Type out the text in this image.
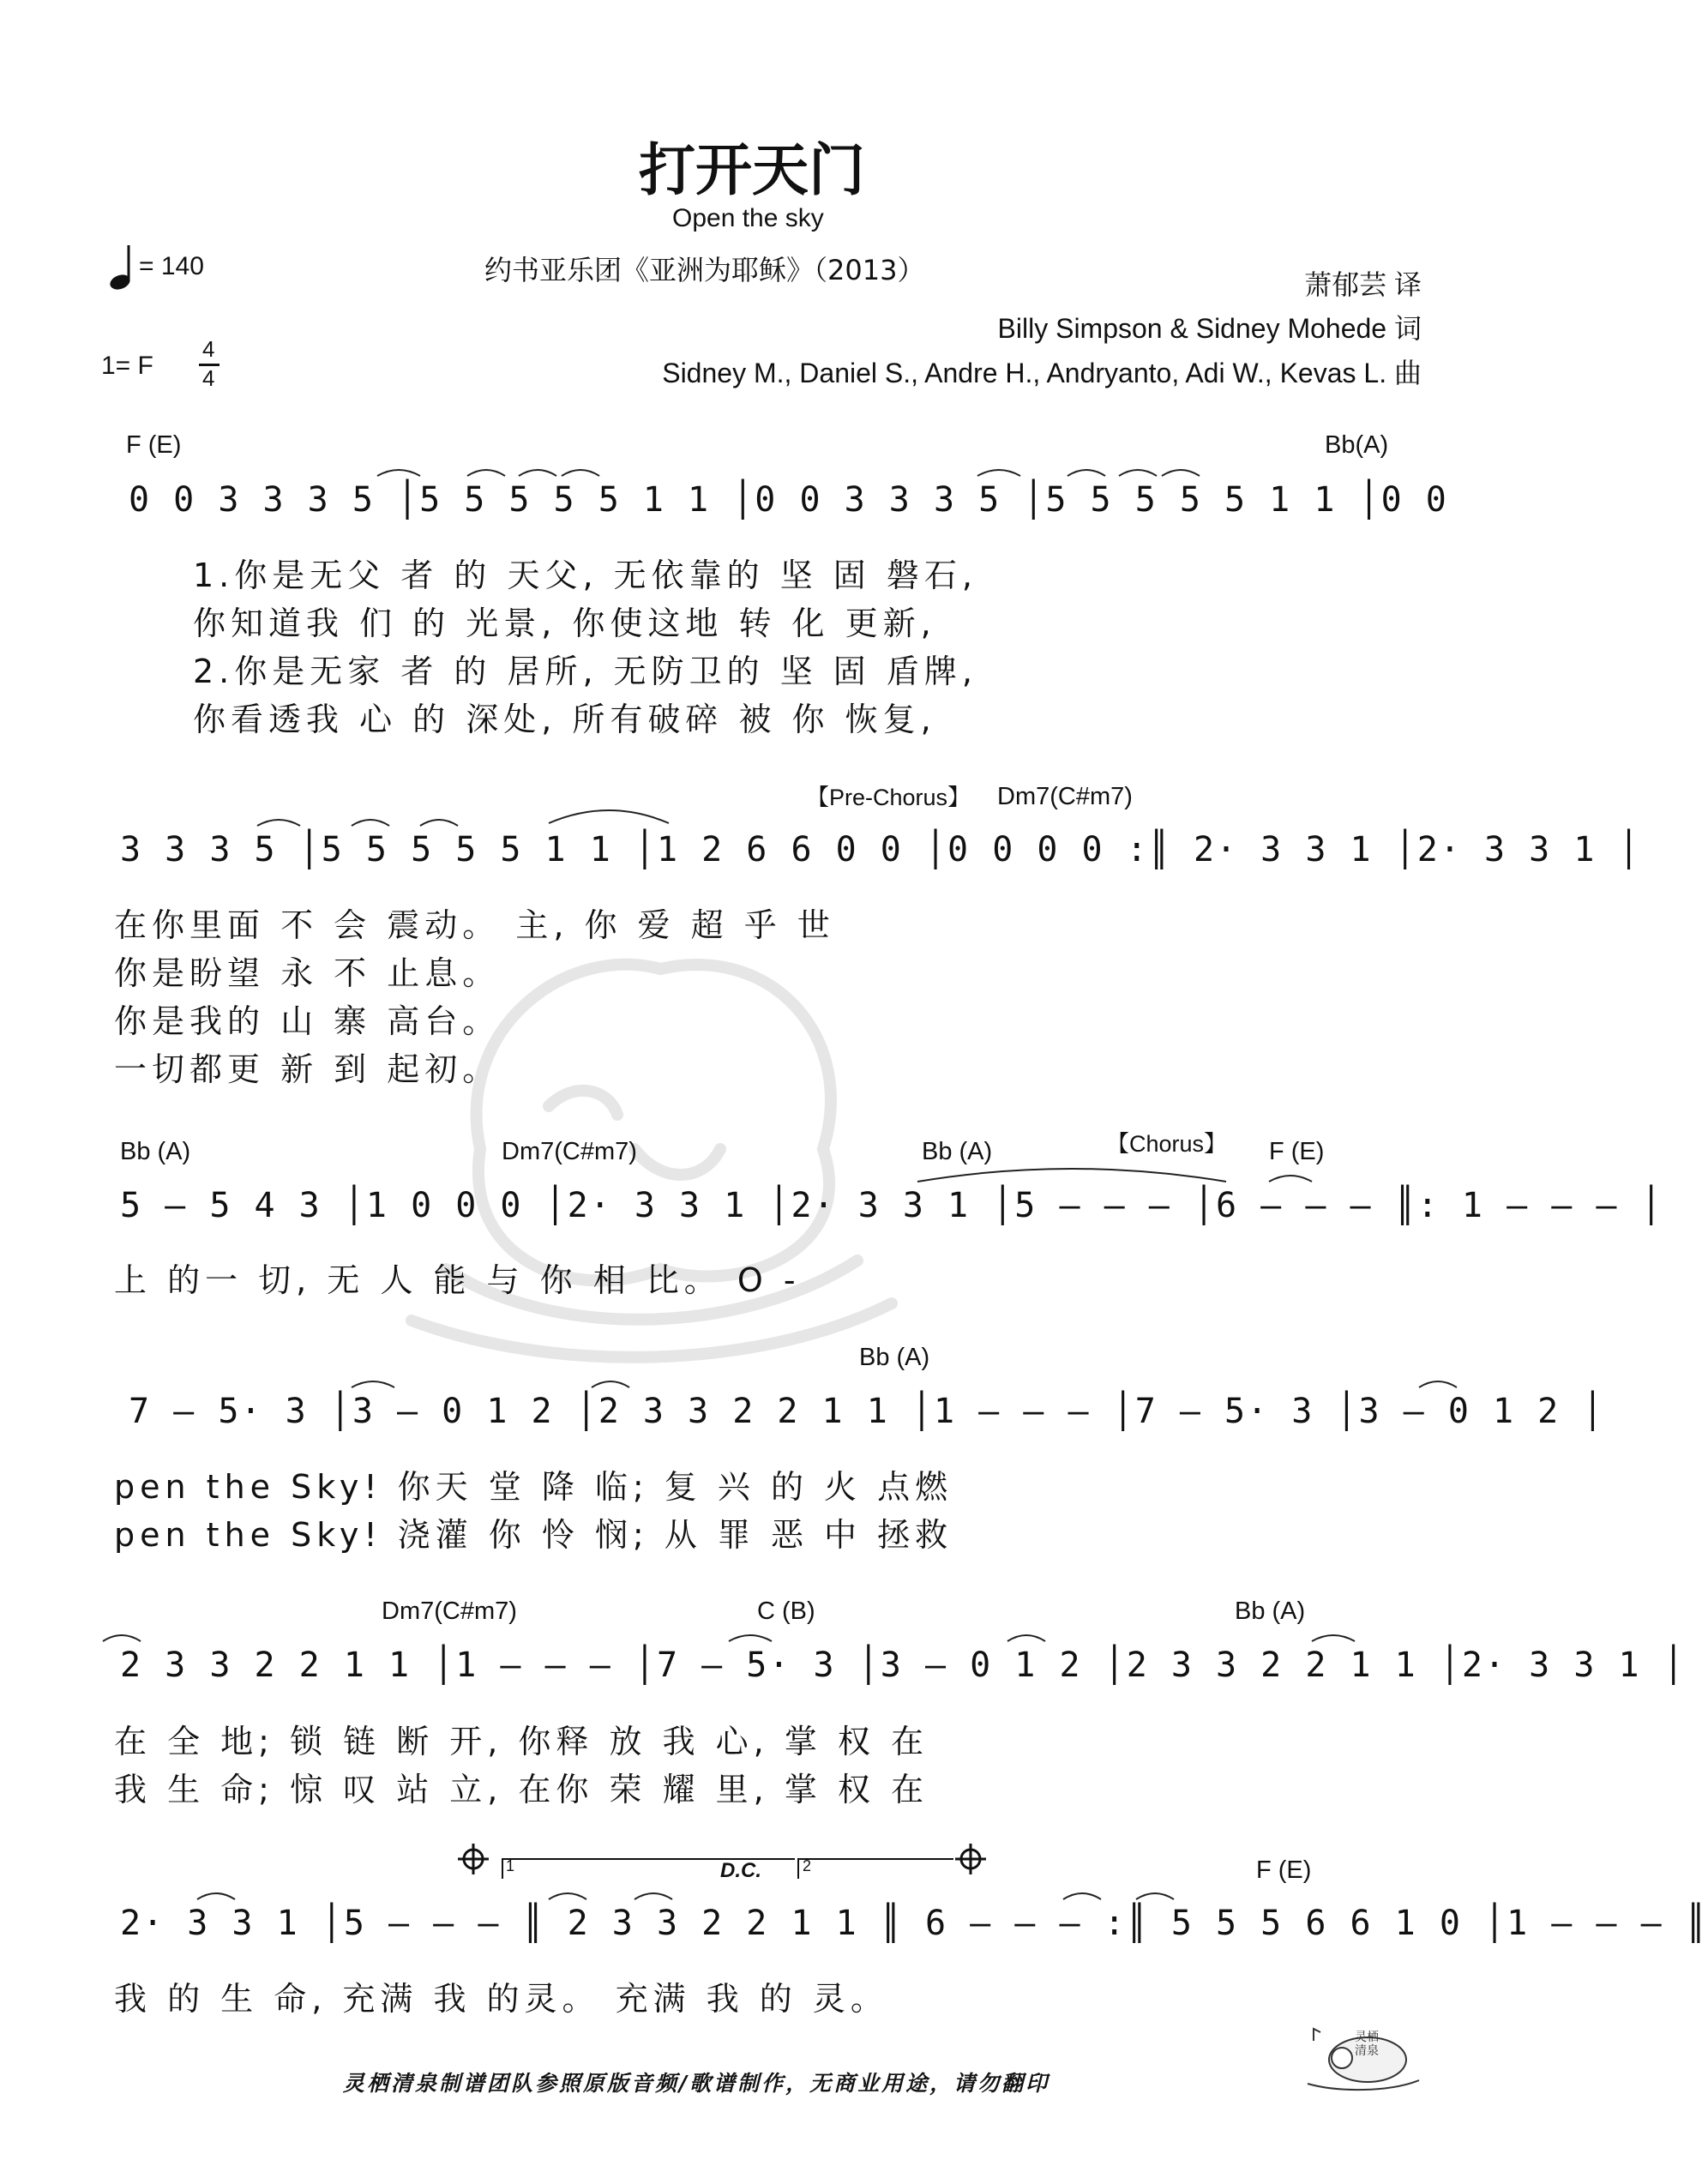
打开天门
Open the sky
约书亚乐团《亚洲为耶稣》（2013）
= 140
1= F
4
4
萧郁芸 译
Billy Simpson & Sidney Mohede 词
Sidney M., Daniel S., Andre H., Andryanto, Adi W., Kevas L. 曲
F (E)	Bb(A)
0 0 3 3 3 5 │5 5 5 5 5 1 1 │0 0 3 3 3 5 │5 5 5 5 5 1 1 │0 0
1.你是无父 者 的 天父, 无依靠的 坚 固 磐石,
你知道我 们 的 光景, 你使这地 转 化 更新,
2.你是无家 者 的 居所, 无防卫的 坚 固 盾牌,
你看透我 心 的 深处, 所有破碎 被 你 恢复,
【Pre-Chorus】 Dm7(C#m7)
3 3 3 5 │5 5 5 5 5 1 1 │1 2 6 6 0 0 │0 0 0 0 :║ 2· 3 3 1 │2· 3 3 1 │
在你里面 不 会 震动。 主, 你 爱 超 乎 世
你是盼望 永 不 止息。
你是我的 山 寨 高台。
一切都更 新 到 起初。
Bb (A)	Dm7(C#m7)	Bb (A)	【Chorus】 F (E)
5 — 5 4 3 │1 0 0 0 │2· 3 3 1 │2· 3 3 1 │5 — — — │6 — — — ║: 1 — — — │
上 的一 切, 无 人 能 与 你 相 比。 O -
Bb (A)
7 — 5· 3 │3 — 0 1 2 │2 3 3 2 2 1 1 │1 — — — │7 — 5· 3 │3 — 0 1 2 │
pen the Sky! 你天 堂 降 临; 复 兴 的 火 点燃
pen the Sky! 浇灌 你 怜 悯; 从 罪 恶 中 拯救
Dm7(C#m7)	C (B)	Bb (A)
2 3 3 2 2 1 1 │1 — — — │7 — 5· 3 │3 — 0 1 2 │2 3 3 2 2 1 1 │2· 3 3 1 │
在 全 地; 锁 链 断 开, 你释 放 我 心, 掌 权 在
我 生 命; 惊 叹 站 立, 在你 荣 耀 里, 掌 权 在
1	2
D.C.	F (E)
2· 3 3 1 │5 — — — ║ 2 3 3 2 2 1 1 ║ 6 — — — :║ 5 5 5 6 6 1 0 │1 — — — ║
我 的 生 命, 充满 我 的灵。 充满 我 的 灵。
灵栖清泉制谱团队参照原版音频/歌谱制作，无商业用途，请勿翻印
灵栖清泉
